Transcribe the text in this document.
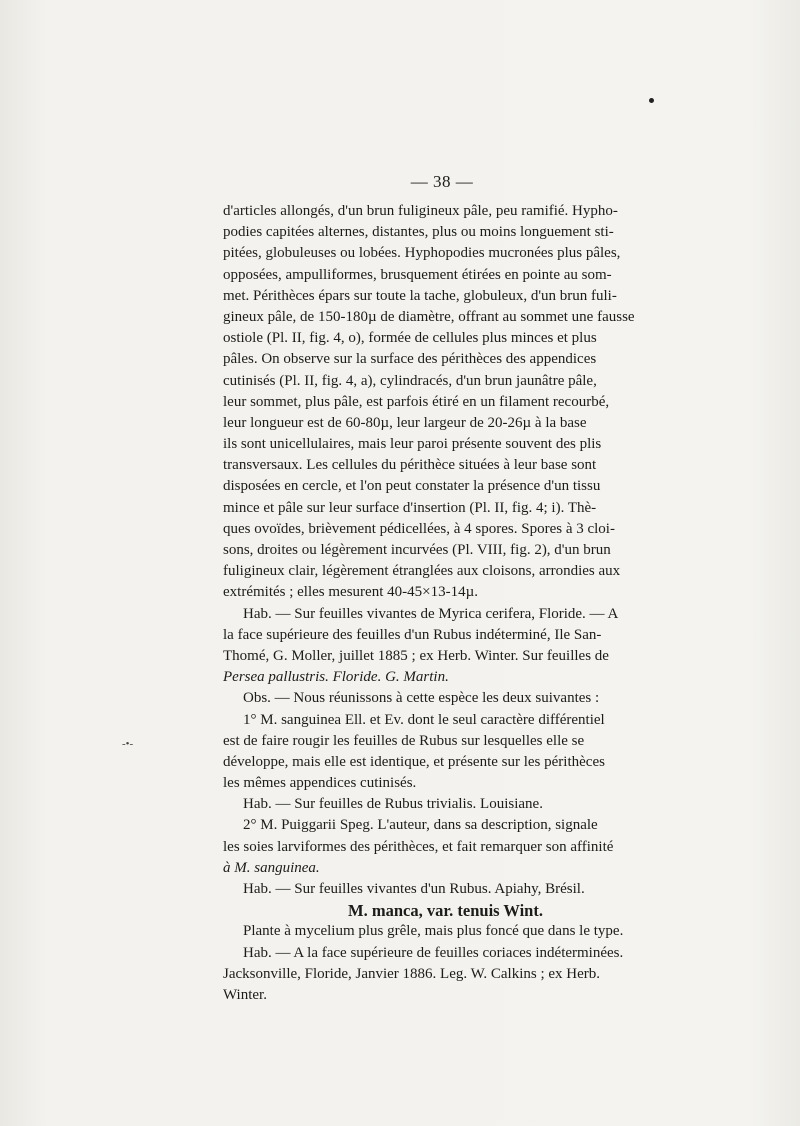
-•-
— 38 —
d'articles allongés, d'un brun fuligineux pâle, peu ramifié. Hypho-
podies capitées alternes, distantes, plus ou moins longuement sti-
pitées, globuleuses ou lobées. Hyphopodies mucronées plus pâles,
opposées, ampulliformes, brusquement étirées en pointe au som-
met. Périthèces épars sur toute la tache, globuleux, d'un brun fuli-
gineux pâle, de 150-180µ de diamètre, offrant au sommet une fausse
ostiole (Pl. II, fig. 4, o), formée de cellules plus minces et plus
pâles. On observe sur la surface des périthèces des appendices
cutinisés (Pl. II, fig. 4, a), cylindracés, d'un brun jaunâtre pâle,
leur sommet, plus pâle, est parfois étiré en un filament recourbé,
leur longueur est de 60-80µ, leur largeur de 20-26µ à la base
ils sont unicellulaires, mais leur paroi présente souvent des plis
transversaux. Les cellules du périthèce situées à leur base sont
disposées en cercle, et l'on peut constater la présence d'un tissu
mince et pâle sur leur surface d'insertion (Pl. II, fig. 4; i). Thè-
ques ovoïdes, brièvement pédicellées, à 4 spores. Spores à 3 cloi-
sons, droites ou légèrement incurvées (Pl. VIII, fig. 2), d'un brun
fuligineux clair, légèrement étranglées aux cloisons, arrondies aux
extrémités ; elles mesurent 40-45×13-14µ.
Hab. — Sur feuilles vivantes de Myrica cerifera, Floride. — A
la face supérieure des feuilles d'un Rubus indéterminé, Ile San-
Thomé, G. Moller, juillet 1885 ; ex Herb. Winter. Sur feuilles de
Persea pallustris. Floride. G. Martin.
Obs. — Nous réunissons à cette espèce les deux suivantes :
1° M. sanguinea Ell. et Ev. dont le seul caractère différentiel
est de faire rougir les feuilles de Rubus sur lesquelles elle se
développe, mais elle est identique, et présente sur les périthèces
les mêmes appendices cutinisés.
Hab. — Sur feuilles de Rubus trivialis. Louisiane.
2° M. Puiggarii Speg. L'auteur, dans sa description, signale
les soies larviformes des périthèces, et fait remarquer son affinité
à M. sanguinea.
Hab. — Sur feuilles vivantes d'un Rubus. Apiahy, Brésil.
M. manca, var. tenuis Wint.
Plante à mycelium plus grêle, mais plus foncé que dans le type.
Hab. — A la face supérieure de feuilles coriaces indéterminées.
Jacksonville, Floride, Janvier 1886. Leg. W. Calkins ; ex Herb.
Winter.
